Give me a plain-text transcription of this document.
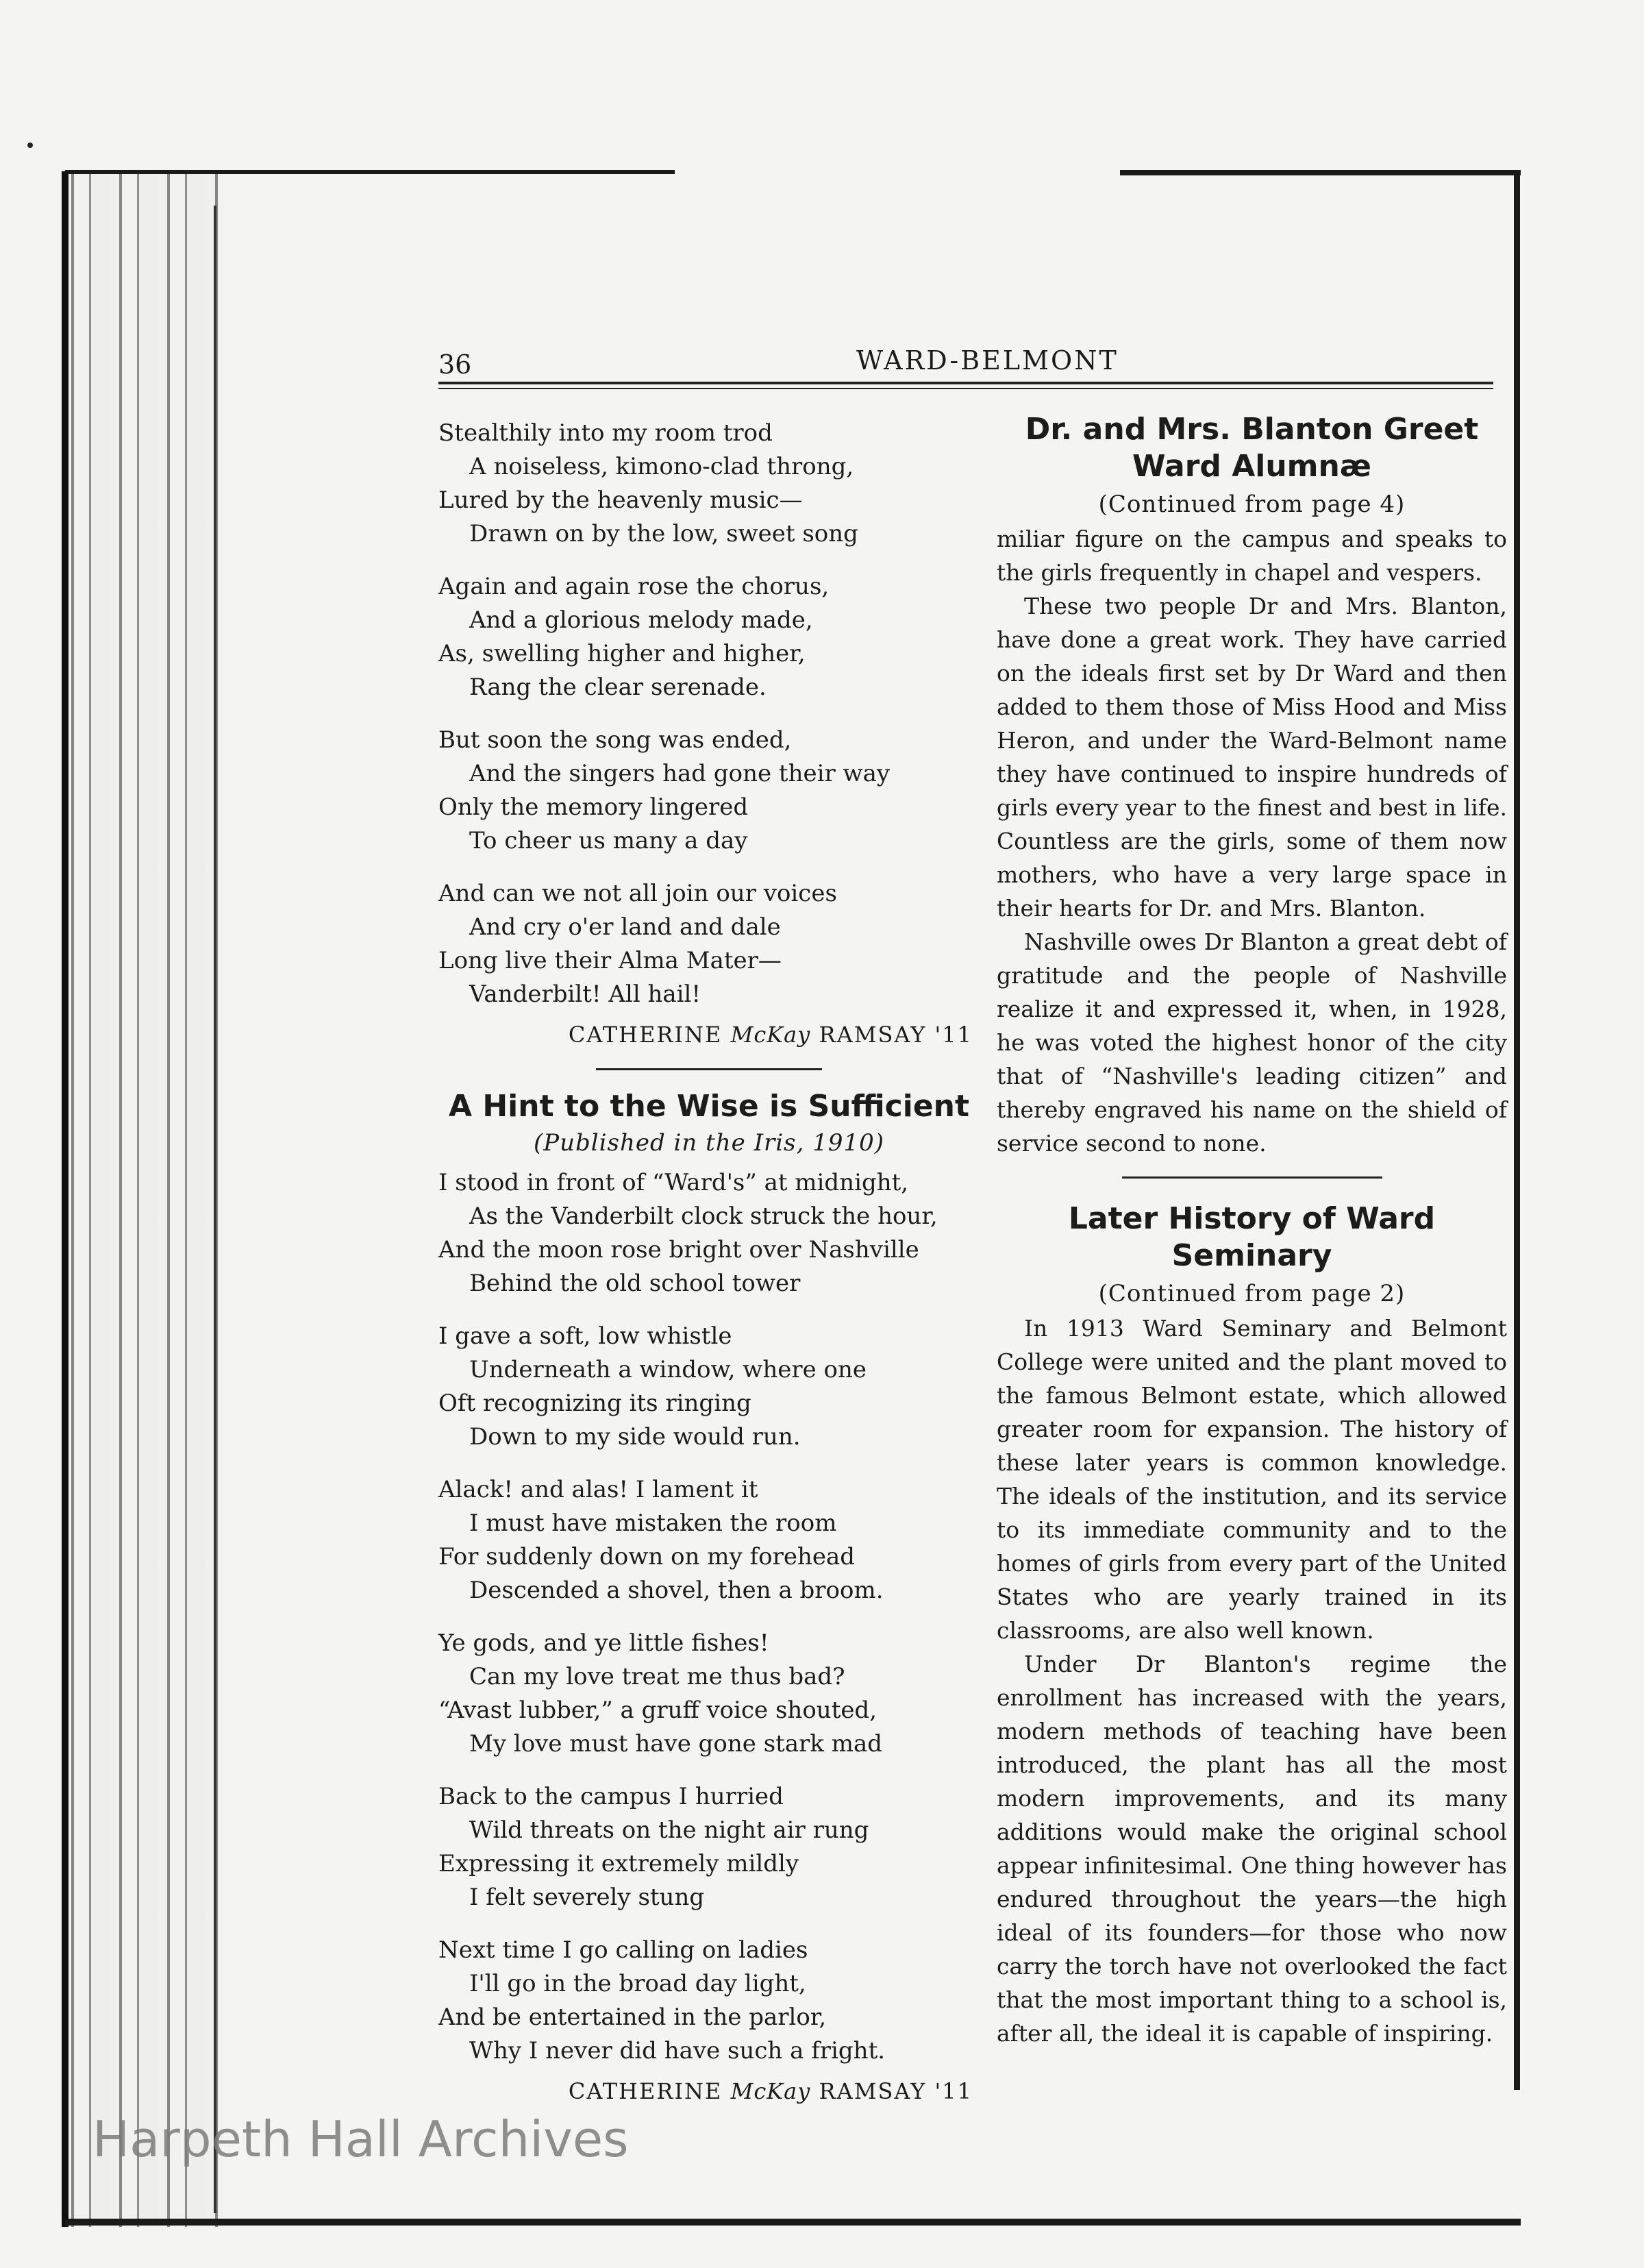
36	WARD-BELMONT
Stealthily into my room trod
A noiseless, kimono-clad throng,
Lured by the heavenly music—
Drawn on by the low, sweet song
Again and again rose the chorus,
And a glorious melody made,
As, swelling higher and higher,
Rang the clear serenade.
But soon the song was ended,
And the singers had gone their way
Only the memory lingered
To cheer us many a day
And can we not all join our voices
And cry o'er land and dale
Long live their Alma Mater—
Vanderbilt! All hail!
CATHERINE McKay RAMSAY '11
A Hint to the Wise is Sufficient
(Published in the Iris, 1910)
I stood in front of “Ward's” at midnight,
As the Vanderbilt clock struck the hour,
And the moon rose bright over Nashville
Behind the old school tower
I gave a soft, low whistle
Underneath a window, where one
Oft recognizing its ringing
Down to my side would run.
Alack! and alas! I lament it
I must have mistaken the room
For suddenly down on my forehead
Descended a shovel, then a broom.
Ye gods, and ye little fishes!
Can my love treat me thus bad?
“Avast lubber,” a gruff voice shouted,
My love must have gone stark mad
Back to the campus I hurried
Wild threats on the night air rung
Expressing it extremely mildly
I felt severely stung
Next time I go calling on ladies
I'll go in the broad day light,
And be entertained in the parlor,
Why I never did have such a fright.
CATHERINE McKay RAMSAY '11
Dr. and Mrs. Blanton Greet
Ward Alumnæ
(Continued from page 4)

miliar figure on the campus and speaks to the girls frequently in chapel and vespers.

These two people Dr and Mrs. Blanton, have done a great work. They have carried on the ideals first set by Dr Ward and then added to them those of Miss Hood and Miss Heron, and under the Ward-Belmont name they have continued to inspire hundreds of girls every year to the finest and best in life. Countless are the girls, some of them now mothers, who have a very large space in their hearts for Dr. and Mrs. Blanton.

Nashville owes Dr Blanton a great debt of gratitude and the people of Nashville realize it and expressed it, when, in 1928, he was voted the highest honor of the city that of “Nashville's leading citizen” and thereby engraved his name on the shield of service second to none.

Later History of Ward Seminary
(Continued from page 2)

In 1913 Ward Seminary and Belmont College were united and the plant moved to the famous Belmont estate, which allowed greater room for expansion. The history of these later years is common knowledge. The ideals of the institution, and its service to its immediate community and to the homes of girls from every part of the United States who are yearly trained in its classrooms, are also well known.

Under Dr Blanton's regime the enrollment has increased with the years, modern methods of teaching have been introduced, the plant has all the most modern improvements, and its many additions would make the original school appear infinitesimal. One thing however has endured throughout the years—the high ideal of its founders—for those who now carry the torch have not overlooked the fact that the most important thing to a school is, after all, the ideal it is capable of inspiring.

Harpeth Hall Archives
